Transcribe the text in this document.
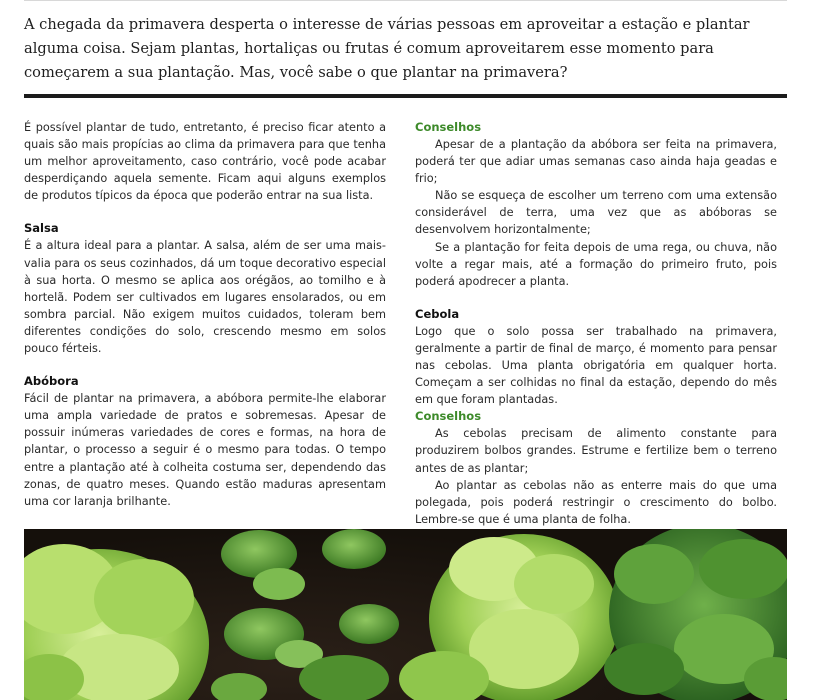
A chegada da primavera desperta o interesse de várias pessoas em aproveitar a estação e plantar alguma coisa. Sejam plantas, hortaliças ou frutas é comum aproveitarem esse momento para começarem a sua plantação. Mas, você sabe o que plantar na primavera?

É possível plantar de tudo, entretanto, é preciso ficar atento a quais são mais propícias ao clima da primavera para que tenha um melhor aproveitamento, caso contrário, você pode acabar desperdiçando aquela semente. Ficam aqui alguns exemplos de produtos típicos da época que poderão entrar na sua lista.

Salsa

É a altura ideal para a plantar. A salsa, além de ser uma mais-valia para os seus cozinhados, dá um toque decorativo especial à sua horta. O mesmo se aplica aos orégãos, ao tomilho e à hortelã. Podem ser cultivados em lugares ensolarados, ou em sombra parcial. Não exigem muitos cuidados, toleram bem diferentes condições do solo, crescendo mesmo em solos pouco férteis.

Abóbora

Fácil de plantar na primavera, a abóbora permite-lhe elaborar uma ampla variedade de pratos e sobremesas. Apesar de possuir inúmeras variedades de cores e formas, na hora de plantar, o processo a seguir é o mesmo para todas. O tempo entre a plantação até à colheita costuma ser, dependendo das zonas, de quatro meses. Quando estão maduras apresentam uma cor laranja brilhante.

Conselhos

Apesar de a plantação da abóbora ser feita na primavera, poderá ter que adiar umas semanas caso ainda haja geadas e frio;

Não se esqueça de escolher um terreno com uma extensão considerável de terra, uma vez que as abóboras se desenvolvem horizontalmente;

Se a plantação for feita depois de uma rega, ou chuva, não volte a regar mais, até a formação do primeiro fruto, pois poderá apodrecer a planta.

Cebola

Logo que o solo possa ser trabalhado na primavera, geralmente a partir de final de março, é momento para pensar nas cebolas. Uma planta obrigatória em qualquer horta. Começam a ser colhidas no final da estação, dependo do mês em que foram plantadas.

Conselhos

As cebolas precisam de alimento constante para produzirem bolbos grandes. Estrume e fertilize bem o terreno antes de as plantar;

Ao plantar as cebolas não as enterre mais do que uma polegada, pois poderá restringir o crescimento do bolbo. Lembre-se que é uma planta de folha.
